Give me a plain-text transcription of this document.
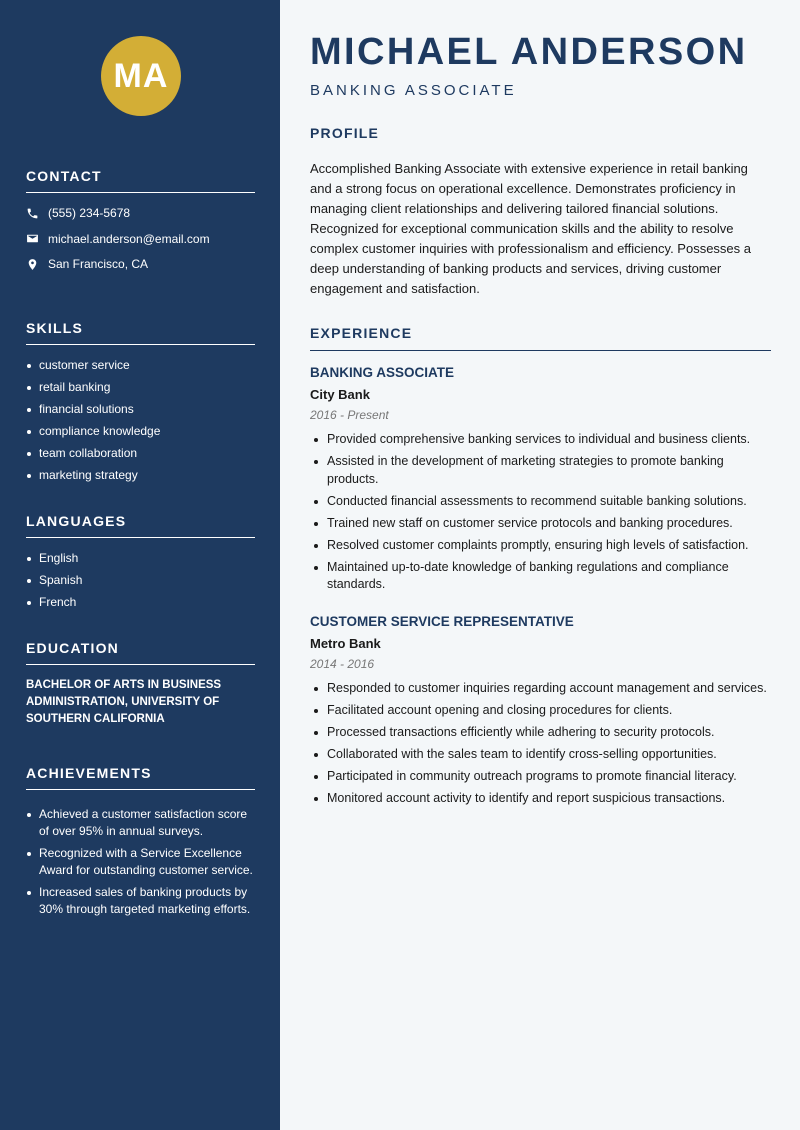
MA
CONTACT
(555) 234-5678
michael.anderson@email.com
San Francisco, CA
SKILLS
customer service
retail banking
financial solutions
compliance knowledge
team collaboration
marketing strategy
LANGUAGES
English
Spanish
French
EDUCATION
BACHELOR OF ARTS IN BUSINESS ADMINISTRATION, UNIVERSITY OF SOUTHERN CALIFORNIA
ACHIEVEMENTS
Achieved a customer satisfaction score of over 95% in annual surveys.
Recognized with a Service Excellence Award for outstanding customer service.
Increased sales of banking products by 30% through targeted marketing efforts.
MICHAEL ANDERSON
BANKING ASSOCIATE
PROFILE

Accomplished Banking Associate with extensive experience in retail banking and a strong focus on operational excellence. Demonstrates proficiency in managing client relationships and delivering tailored financial solutions. Recognized for exceptional communication skills and the ability to resolve complex customer inquiries with professionalism and efficiency. Possesses a deep understanding of banking products and services, driving customer engagement and satisfaction.

EXPERIENCE
BANKING ASSOCIATE
City Bank
2016 - Present
Provided comprehensive banking services to individual and business clients.
Assisted in the development of marketing strategies to promote banking products.
Conducted financial assessments to recommend suitable banking solutions.
Trained new staff on customer service protocols and banking procedures.
Resolved customer complaints promptly, ensuring high levels of satisfaction.
Maintained up-to-date knowledge of banking regulations and compliance standards.
CUSTOMER SERVICE REPRESENTATIVE
Metro Bank
2014 - 2016
Responded to customer inquiries regarding account management and services.
Facilitated account opening and closing procedures for clients.
Processed transactions efficiently while adhering to security protocols.
Collaborated with the sales team to identify cross-selling opportunities.
Participated in community outreach programs to promote financial literacy.
Monitored account activity to identify and report suspicious transactions.
